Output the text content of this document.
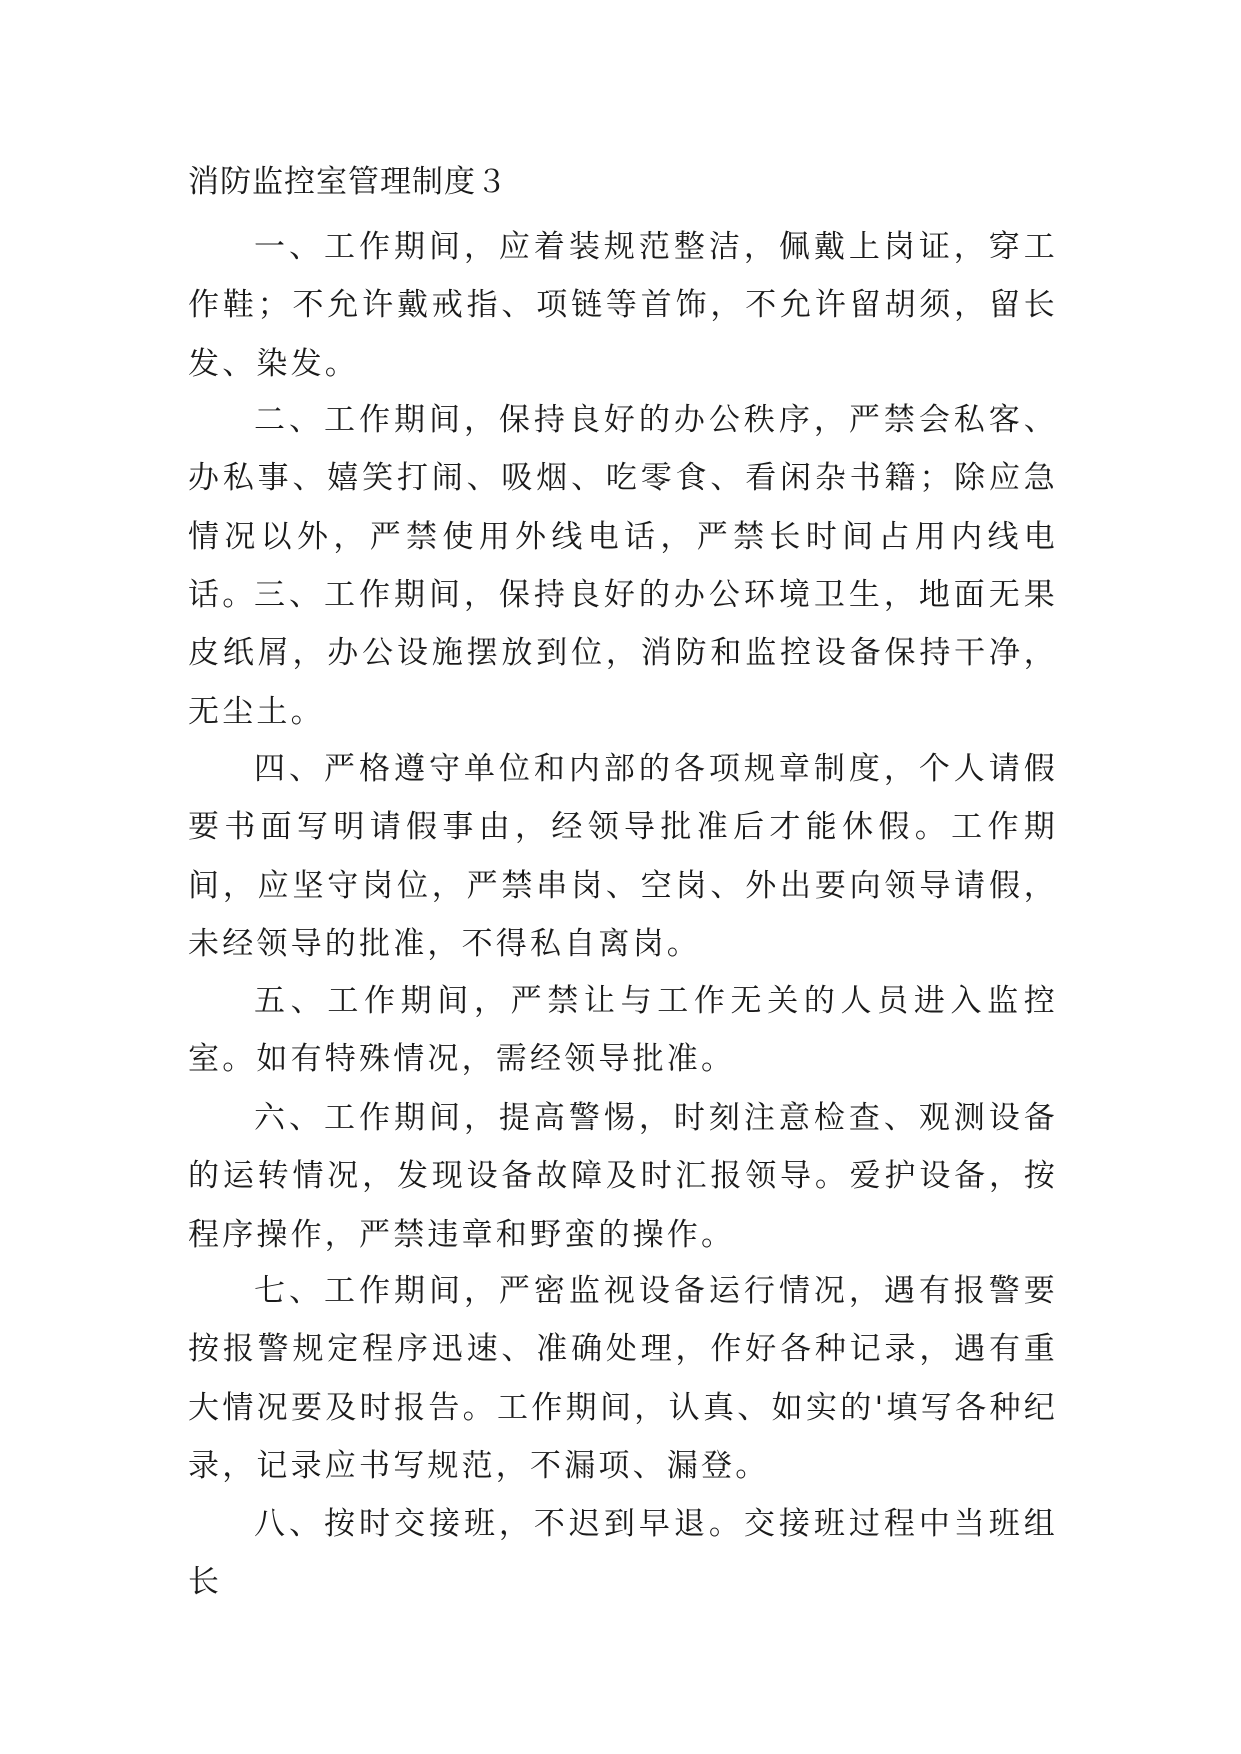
消防监控室管理制度３

一、工作期间，应着装规范整洁，佩戴上岗证，穿工作鞋；不允许戴戒指、项链等首饰，不允许留胡须，留长发、染发。

二、工作期间，保持良好的办公秩序，严禁会私客、办私事、嬉笑打闹、吸烟、吃零食、看闲杂书籍；除应急情况以外，严禁使用外线电话，严禁长时间占用内线电话。

三、工作期间，保持良好的办公环境卫生，地面无果皮纸屑，办公设施摆放到位，消防和监控设备保持干净，无尘土。

四、严格遵守单位和内部的各项规章制度，个人请假要书面写明请假事由，经领导批准后才能休假。工作期间，应坚守岗位，严禁串岗、空岗、外出要向领导请假，未经领导的批准，不得私自离岗。

五、工作期间，严禁让与工作无关的人员进入监控室。如有特殊情况，需经领导批准。

六、工作期间，提高警惕，时刻注意检查、观测设备的运转情况，发现设备故障及时汇报领导。爱护设备，按程序操作，严禁违章和野蛮的操作。

七、工作期间，严密监视设备运行情况，遇有报警要按报警规定程序迅速、准确处理，作好各种记录，遇有重大情况要及时报告。工作期间，认真、如实的'填写各种纪录，记录应书写规范，不漏项、漏登。

八、按时交接班，不迟到早退。交接班过程中当班组长
